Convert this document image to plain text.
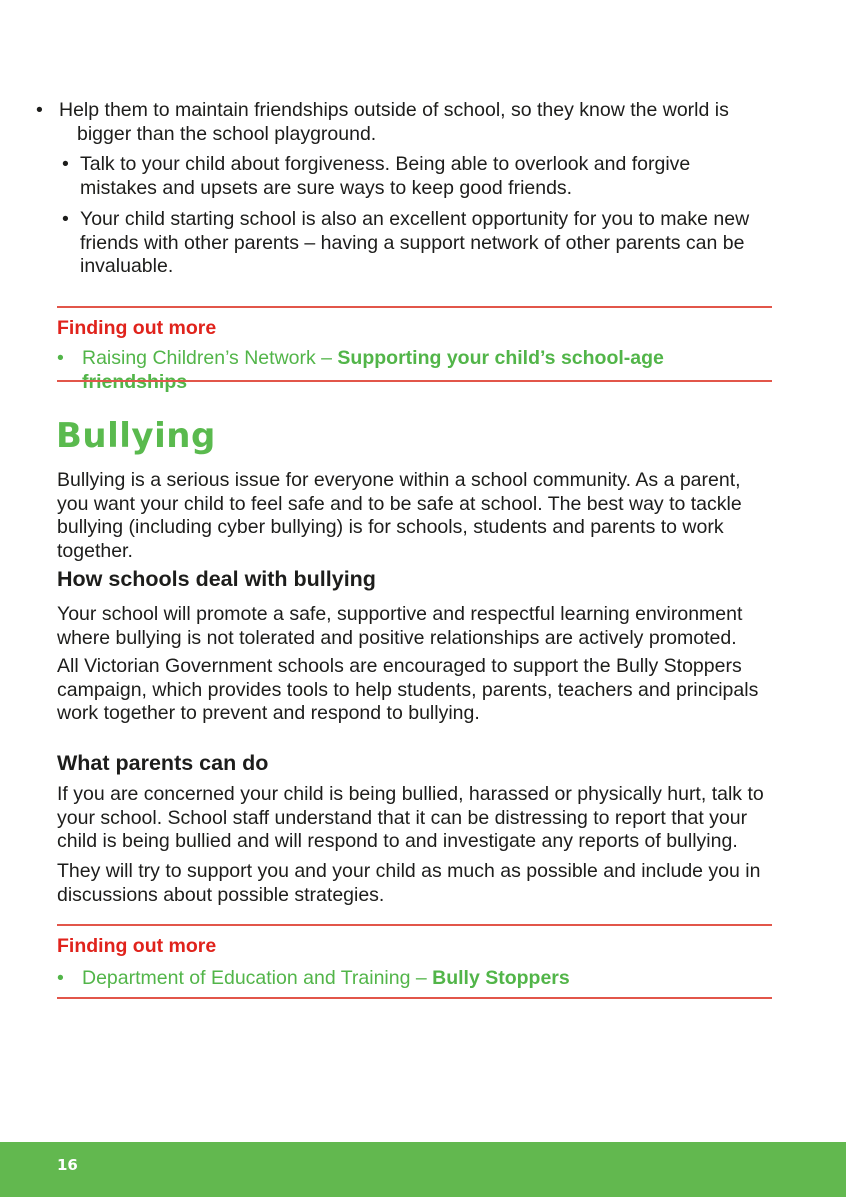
• Help them to maintain friendships outside of school, so they know the world is bigger than the school playground.
• Talk to your child about forgiveness. Being able to overlook and forgive mistakes and upsets are sure ways to keep good friends.
• Your child starting school is also an excellent opportunity for you to make new friends with other parents – having a support network of other parents can be invaluable.
Finding out more
• Raising Children’s Network – Supporting your child’s school-age friendships
Bullying
Bullying is a serious issue for everyone within a school community. As a parent, you want your child to feel safe and to be safe at school. The best way to tackle bullying (including cyber bullying) is for schools, students and parents to work together.
How schools deal with bullying
Your school will promote a safe, supportive and respectful learning environment where bullying is not tolerated and positive relationships are actively promoted.
All Victorian Government schools are encouraged to support the Bully Stoppers campaign, which provides tools to help students, parents, teachers and principals work together to prevent and respond to bullying.
What parents can do
If you are concerned your child is being bullied, harassed or physically hurt, talk to your school. School staff understand that it can be distressing to report that your child is being bullied and will respond to and investigate any reports of bullying.
They will try to support you and your child as much as possible and include you in discussions about possible strategies.
Finding out more
• Department of Education and Training – Bully Stoppers
16
